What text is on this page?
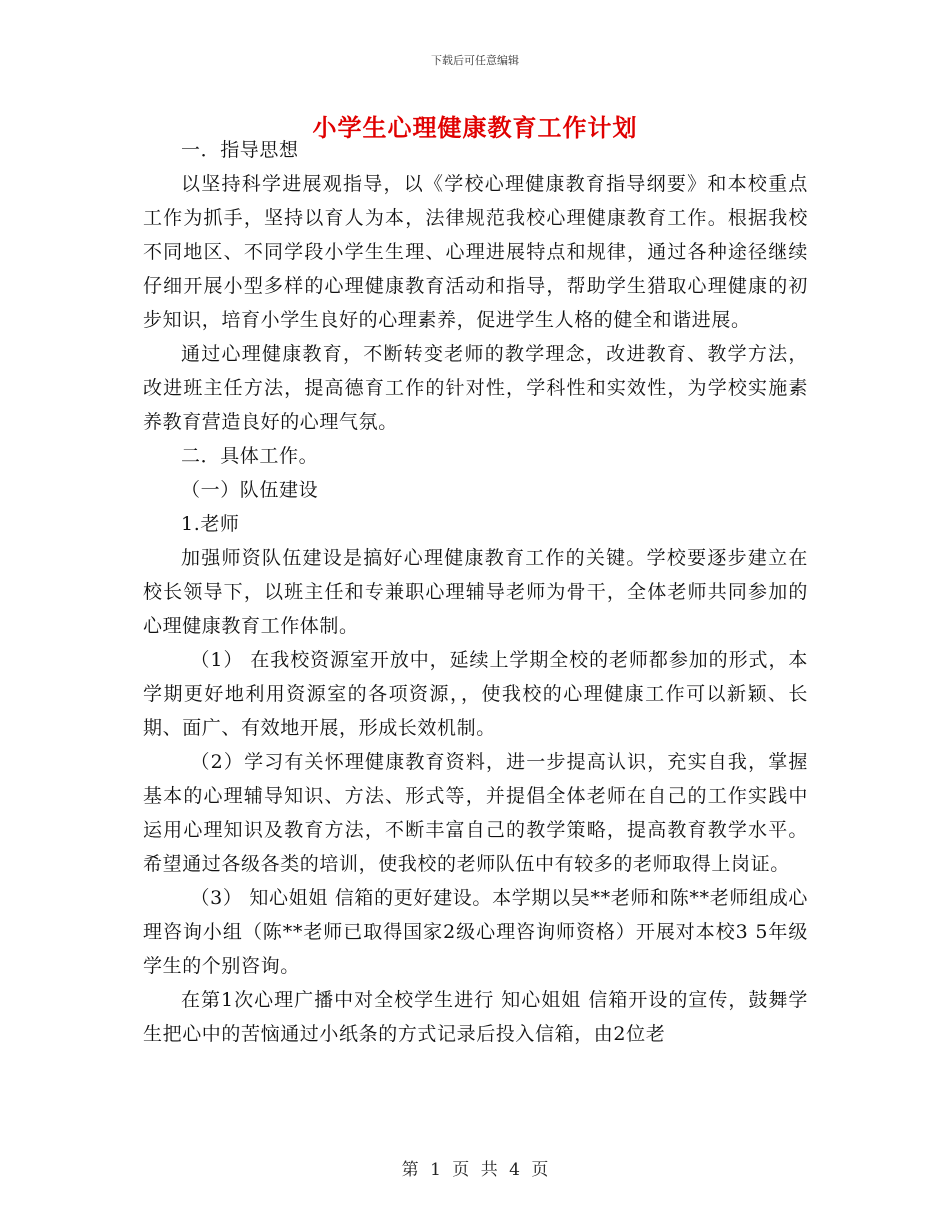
下载后可任意编辑
小学生心理健康教育工作计划

一．指导思想

以坚持科学进展观指导，以《学校心理健康教育指导纲要》和本校重点工作为抓手，坚持以育人为本，法律规范我校心理健康教育工作。根据我校不同地区、不同学段小学生生理、心理进展特点和规律，通过各种途径继续仔细开展小型多样的心理健康教育活动和指导，帮助学生猎取心理健康的初步知识，培育小学生良好的心理素养，促进学生人格的健全和谐进展。

通过心理健康教育，不断转变老师的教学理念，改进教育、教学方法，改进班主任方法，提高德育工作的针对性，学科性和实效性，为学校实施素养教育营造良好的心理气氛。

二．具体工作。

（一）队伍建设

1.老师

加强师资队伍建设是搞好心理健康教育工作的关键。学校要逐步建立在校长领导下，以班主任和专兼职心理辅导老师为骨干，全体老师共同参加的心理健康教育工作体制。

（1） 在我校资源室开放中，延续上学期全校的老师都参加的形式，本学期更好地利用资源室的各项资源，，使我校的心理健康工作可以新颖、长期、面广、有效地开展，形成长效机制。

（2）学习有关怀理健康教育资料，进一步提高认识，充实自我，掌握基本的心理辅导知识、方法、形式等，并提倡全体老师在自己的工作实践中运用心理知识及教育方法，不断丰富自己的教学策略，提高教育教学水平。希望通过各级各类的培训，使我校的老师队伍中有较多的老师取得上岗证。

（3） 知心姐姐 信箱的更好建设。本学期以吴**老师和陈**老师组成心理咨询小组（陈**老师已取得国家2级心理咨询师资格）开展对本校3 5年级学生的个别咨询。

在第1次心理广播中对全校学生进行 知心姐姐 信箱开设的宣传，鼓舞学生把心中的苦恼通过小纸条的方式记录后投入信箱，由2位老

第 1 页 共 4 页
